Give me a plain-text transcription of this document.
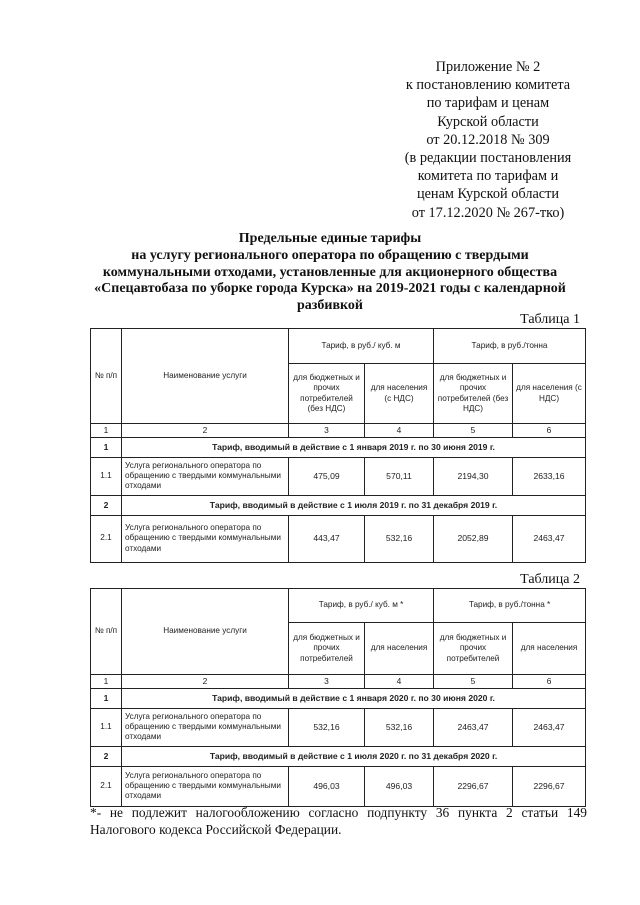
Приложение № 2
к постановлению комитета
по тарифам и ценам
Курской области
от 20.12.2018 № 309
(в редакции постановления
комитета по тарифам и
ценам Курской области
от 17.12.2020 № 267-тко)
Предельные единые тарифы
на услугу регионального оператора по обращению с твердыми
коммунальными отходами, установленные для акционерного общества
«Спецавтобаза по уборке города Курска» на 2019-2021 годы с календарной
разбивкой
Таблица 1
№ п/п	Наименование услуги	Тариф, в руб./ куб. м		Тариф, в руб./тонна	
		для бюджетных и прочих потребителей (без НДС)	для населения (с НДС)	для бюджетных и прочих потребителей (без НДС)	для населения (с НДС)
1	2	3	4	5	6
1	Тариф, вводимый в действие с 1 января 2019 г. по 30 июня 2019 г.				
1.1	Услуга регионального оператора по обращению с твердыми коммунальными отходами	475,09	570,11	2194,30	2633,16
2	Тариф, вводимый в действие с 1 июля 2019 г. по 31 декабря 2019 г.				
2.1	Услуга регионального оператора по обращению с твердыми коммунальными отходами	443,47	532,16	2052,89	2463,47
Таблица 2
№ п/п	Наименование услуги	Тариф, в руб./ куб. м *		Тариф, в руб./тонна *	
		для бюджетных и прочих потребителей	для населения	для бюджетных и прочих потребителей	для населения
1	2	3	4	5	6
1	Тариф, вводимый в действие с 1 января 2020 г. по 30 июня 2020 г.				
1.1	Услуга регионального оператора по обращению с твердыми коммунальными отходами	532,16	532,16	2463,47	2463,47
2	Тариф, вводимый в действие с 1 июля 2020 г. по 31 декабря 2020 г.				
2.1	Услуга регионального оператора по обращению с твердыми коммунальными отходами	496,03	496,03	2296,67	2296,67
*- не подлежит налогообложению согласно подпункту 36 пункта 2 статьи 149
Налогового кодекса Российской Федерации.
